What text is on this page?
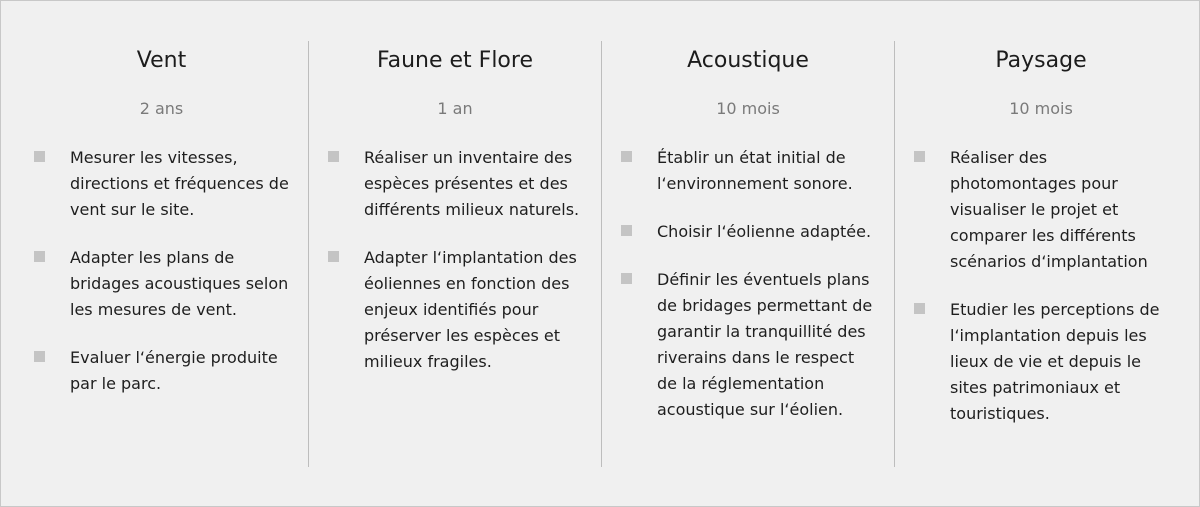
Vent
2 ans
Mesurer les vitesses, directions et fréquences de vent sur le site.
Adapter les plans de bridages acoustiques selon les mesures de vent.
Evaluer l‘énergie produite par le parc.
Faune et Flore
1 an
Réaliser un inventaire des espèces présentes et des différents milieux naturels.
Adapter l‘implantation des éoliennes en fonction des enjeux identifiés pour préserver les espèces et milieux fragiles.
Acoustique
10 mois
Établir un état initial de l‘environnement sonore.
Choisir l‘éolienne adaptée.
Définir les éventuels plans de bridages permettant de garantir la tranquillité des riverains dans le respect de la réglementation acoustique sur l‘éolien.
Paysage
10 mois
Réaliser des photomontages pour visualiser le projet et comparer les différents scénarios d‘implantation
Etudier les perceptions de l‘implantation depuis les lieux de vie et depuis le sites patrimoniaux et touristiques.
